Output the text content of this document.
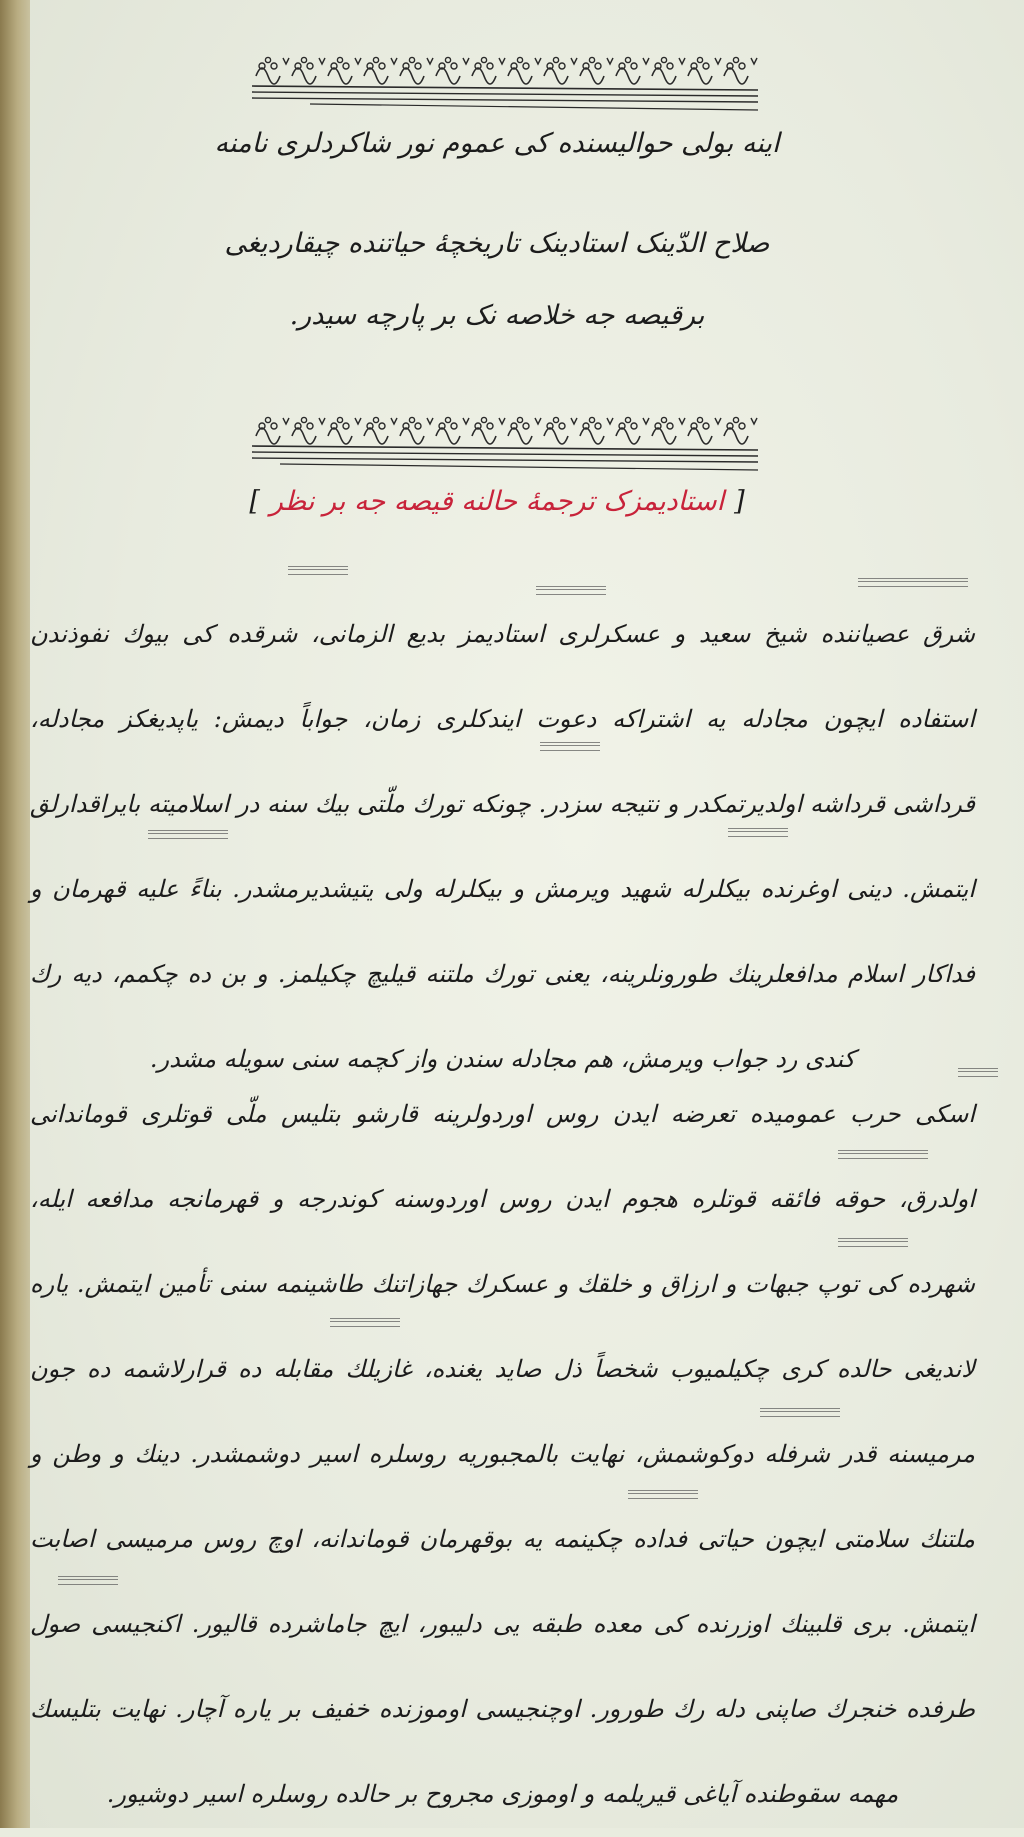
اینه بولی حوالیسنده کی عموم نور شاکردلری نامنه
صلاح الدّینک استادینک تاریخچهٔ حیاتنده چیقاردیغی
برقیصه جه خلاصه نک بر پارچه سیدر.
[استادیمزک ترجمهٔ حالنه قیصه جه بر نظر]
شرق عصیاننده شیخ سعید و عسکرلری استادیمز بدیع الزمانی، شرقده کی بیوك نفوذندن استفاده ایچون مجادله یه اشتراکه دعوت ایندکلری زمان، جواباً دیمش: یاپدیغکز مجادله، قرداشی قرداشه اولدیرتمکدر و نتیجه سزدر. چونکه تورك ملّتی بیك سنه در اسلامیته بایراقدارلق ایتمش. دینی اوغرنده بیکلرله شهید ویرمش و بیکلرله ولی یتیشدیرمشدر. بناءً علیه قهرمان و فداکار اسلام مدافعلرینك طورونلرینه، یعنی تورك ملتنه قیلیچ چکیلمز. و بن ده چکمم، دیه رك کندی رد جواب ویرمش، هم مجادله سندن واز کچمه سنی سویله مشدر.
اسکی حرب عمومیده تعرضه ایدن روس اوردولرینه قارشو بتلیس ملّی قوتلری قوماندانی اولدرق، حوقه فائقه قوتلره هجوم ایدن روس اوردوسنه کوندرجه و قهرمانجه مدافعه ایله، شهرده کی توپ جبهات و ارزاق و خلقك و عسکرك جهازاتنك طاشینمه سنی تأمین ایتمش. یاره لاندیغی حالده کری چکیلمیوب شخصاً ذل صاید یغنده، غازیلك مقابله ده قرارلاشمه ده جون مرمیسنه قدر شرفله دوکوشمش، نهایت بالمجبوریه روسلره اسیر دوشمشدر. دینك و وطن و ملتنك سلامتی ایچون حیاتی فداده چکینمه یه بوقهرمان قوماندانه، اوچ روس مرمیسی اصابت ایتمش. بری قلبینك اوزرنده کی معده طبقه یی دلیبور، ایچ جاماشرده قالیور. اکنجیسی صول طرفده خنجرك صاپنی دله رك طورور. اوچنجیسی اوموزنده خفیف بر یاره آچار. نهایت بتلیسك مهمه سقوطنده آیاغی قیریلمه و اوموزی مجروح بر حالده روسلره اسیر دوشیور.
